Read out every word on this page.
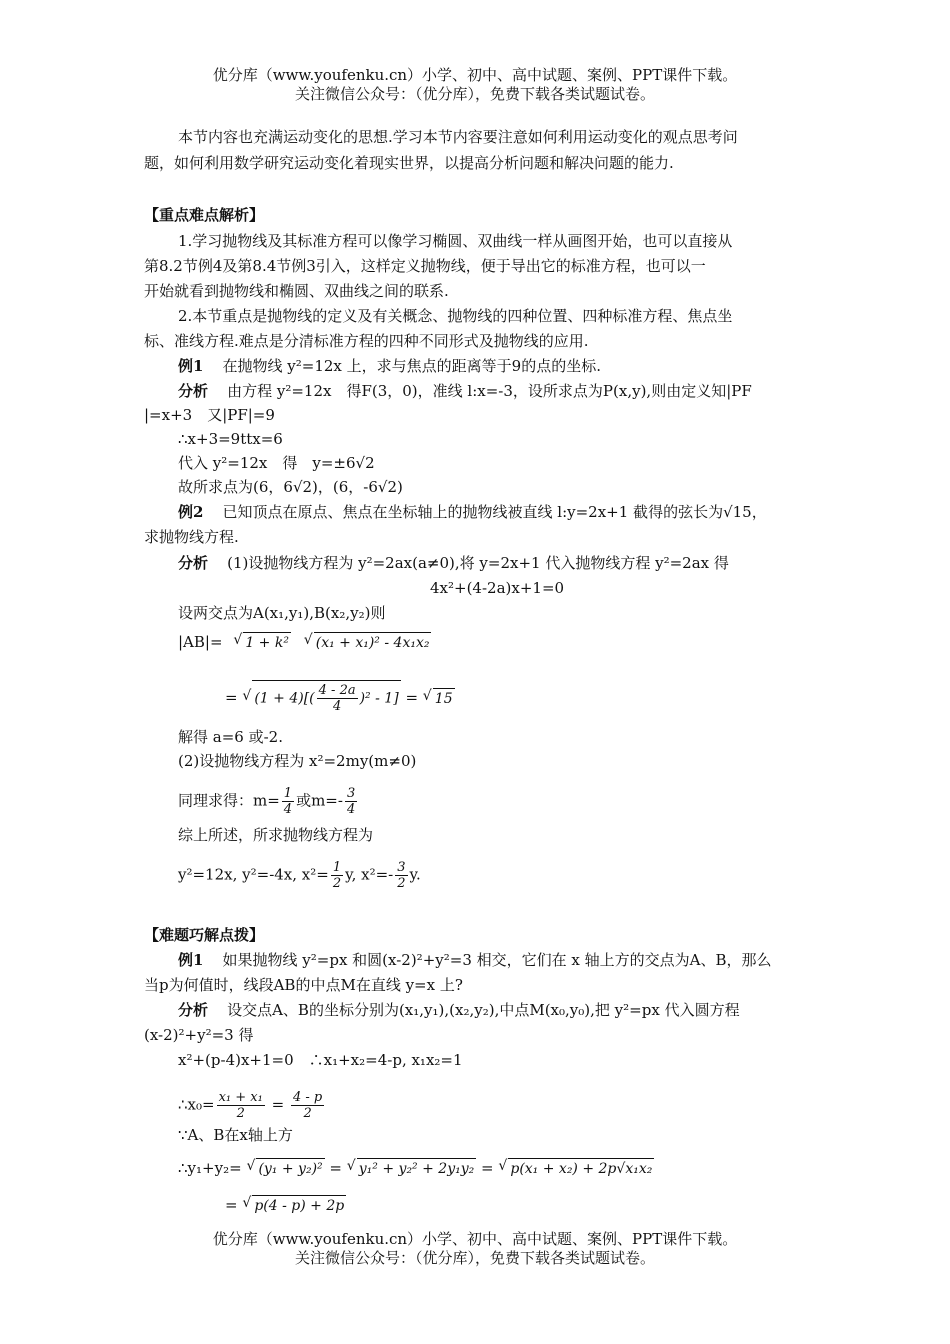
优分库（www.youfenku.cn）小学、初中、高中试题、案例、PPT课件下载。
关注微信公众号：（优分库），免费下载各类试题试卷。
本节内容也充满运动变化的思想.学习本节内容要注意如何利用运动变化的观点思考问
题，如何利用数学研究运动变化着现实世界，以提高分析问题和解决问题的能力.
【重点难点解析】
1.学习抛物线及其标准方程可以像学习椭圆、双曲线一样从画图开始，也可以直接从
第8.2节例4及第8.4节例3引入，这样定义抛物线，便于导出它的标准方程，也可以一
开始就看到抛物线和椭圆、双曲线之间的联系.
2.本节重点是抛物线的定义及有关概念、抛物线的四种位置、四种标准方程、焦点坐
标、准线方程.难点是分清标准方程的四种不同形式及抛物线的应用.
例1 在抛物线 y²=12x 上，求与焦点的距离等于9的点的坐标.
分析 由方程 y²=12x　得F(3，0)，准线 l:x=-3，设所求点为P(x,y),则由定义知|PF
|=x+3　又|PF|=9
∴x+3=9ttx=6
代入 y²=12x　得　y=±6√2
故所求点为(6，6√2)，(6，-6√2)
例2 已知顶点在原点、焦点在坐标轴上的抛物线被直线 l:y=2x+1 截得的弦长为√15，
求抛物线方程.
分析 (1)设抛物线方程为 y²=2ax(a≠0),将 y=2x+1 代入抛物线方程 y²=2ax 得
4x²+(4-2a)x+1=0
设两交点为A(x₁,y₁),B(x₂,y₂)则
|AB|= √ 1 + k² √ (x₁ + x₁)² - 4x₁x₂
= √ $(1 + 4)[( \frac{4 - 2a}{4} )^2 - 1]$ = √ 15
解得 a=6 或-2.
(2)设抛物线方程为 x²=2my(m≠0)
同理求得：$m= \frac{1}{4}$ 或$m=- \frac{3}{4}$
综上所述，所求抛物线方程为
y²=12x, y²=-4x, $x^2= \frac{1}{2} y$, $x^2=- \frac{3}{2} y$.
【难题巧解点拨】
例1 如果抛物线 y²=px 和圆(x-2)²+y²=3 相交，它们在 x 轴上方的交点为A、B，那么
当p为何值时，线段AB的中点M在直线 y=x 上?
分析 设交点A、B的坐标分别为(x₁,y₁),(x₂,y₂),中点M(x₀,y₀),把 y²=px 代入圆方程
(x-2)²+y²=3 得
x²+(p-4)x+1=0　∴x₁+x₂=4-p, x₁x₂=1
∴x₀= $\frac{\text{x₁ + x₁}}{2} = \frac{4 - p}{2}$
∵A、B在x轴上方
∴y₁+y₂= √ (y₁ + y₂)² = √ y₁² + y₂² + 2y₁y₂ = √ p(x₁ + x₂) + 2p√x₁x₂
= √ p(4 - p) + 2p
优分库（www.youfenku.cn）小学、初中、高中试题、案例、PPT课件下载。
关注微信公众号：（优分库），免费下载各类试题试卷。
